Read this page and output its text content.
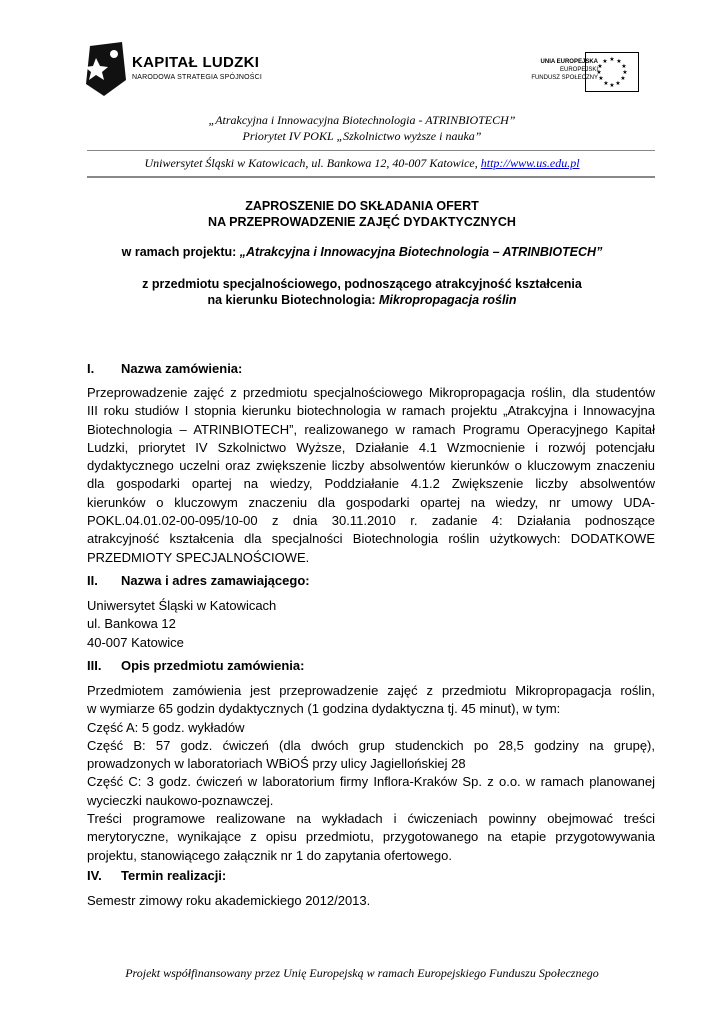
KAPITAŁ LUDZKI
NARODOWA STRATEGIA SPÓJNOŚCI
UNIA EUROPEJSKA
EUROPEJSKI
FUNDUSZ SPOŁECZNY
★ ★
★
★
★
★
★
★
★
★
★
★
„Atrakcyjna i Innowacyjna Biotechnologia - ATRINBIOTECH”
Priorytet IV POKL „Szkolnictwo wyższe i nauka”
Uniwersytet Śląski w Katowicach, ul. Bankowa 12, 40-007 Katowice, http://www.us.edu.pl
ZAPROSZENIE DO SKŁADANIA OFERT
NA PRZEPROWADZENIE ZAJĘĆ DYDAKTYCZNYCH
w ramach projektu: „Atrakcyjna i Innowacyjna Biotechnologia – ATRINBIOTECH”
z przedmiotu specjalnościowego, podnoszącego atrakcyjność kształcenia
na kierunku Biotechnologia: Mikropropagacja roślin
I. Nazwa zamówienia:
Przeprowadzenie zajęć z przedmiotu specjalnościowego Mikropropagacja roślin, dla studentów
III roku studiów I stopnia kierunku biotechnologia w ramach projektu „Atrakcyjna i Innowacyjna
Biotechnologia – ATRINBIOTECH”, realizowanego w ramach Programu Operacyjnego Kapitał
Ludzki, priorytet IV Szkolnictwo Wyższe, Działanie 4.1 Wzmocnienie i rozwój potencjału
dydaktycznego uczelni oraz zwiększenie liczby absolwentów kierunków o kluczowym znaczeniu
dla gospodarki opartej na wiedzy, Poddziałanie 4.1.2 Zwiększenie liczby absolwentów
kierunków o kluczowym znaczeniu dla gospodarki opartej na wiedzy, nr umowy UDA-
POKL.04.01.02-00-095/10-00 z dnia 30.11.2010 r. zadanie 4: Działania podnoszące
atrakcyjność kształcenia dla specjalności Biotechnologia roślin użytkowych: DODATKOWE
PRZEDMIOTY SPECJALNOŚCIOWE.
II. Nazwa i adres zamawiającego:
Uniwersytet Śląski w Katowicach
ul. Bankowa 12
40-007 Katowice
III. Opis przedmiotu zamówienia:
Przedmiotem zamówienia jest przeprowadzenie zajęć z przedmiotu Mikropropagacja roślin,
w wymiarze 65 godzin dydaktycznych (1 godzina dydaktyczna tj. 45 minut), w tym:
Część A: 5 godz. wykładów
Część B: 57 godz. ćwiczeń (dla dwóch grup studenckich po 28,5 godziny na grupę),
prowadzonych w laboratoriach WBiOŚ przy ulicy Jagiellońskiej 28
Część C: 3 godz. ćwiczeń w laboratorium firmy Inflora-Kraków Sp. z o.o. w ramach planowanej
wycieczki naukowo-poznawczej.
Treści programowe realizowane na wykładach i ćwiczeniach powinny obejmować treści
merytoryczne, wynikające z opisu przedmiotu, przygotowanego na etapie przygotowywania
projektu, stanowiącego załącznik nr 1 do zapytania ofertowego.
IV. Termin realizacji:
Semestr zimowy roku akademickiego 2012/2013.
Projekt współfinansowany przez Unię Europejską w ramach Europejskiego Funduszu Społecznego
